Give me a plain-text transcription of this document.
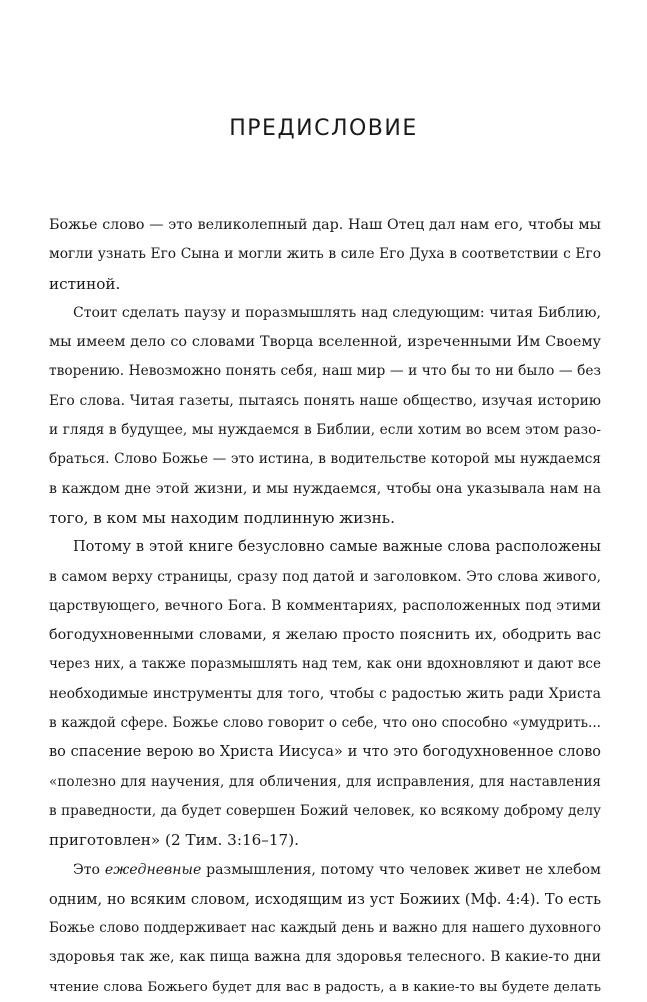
ПРЕДИСЛОВИЕ

Божье слово — это великолепный дар. Наш Отец дал нам его, чтобы мы
могли узнать Его Сына и могли жить в силе Его Духа в соответствии с Его
истиной.

Стоит сделать паузу и поразмышлять над следующим: читая Библию,
мы имеем дело со словами Творца вселенной, изреченными Им Своему
творению. Невозможно понять себя, наш мир — и что бы то ни было — без
Его слова. Читая газеты, пытаясь понять наше общество, изучая историю
и глядя в будущее, мы нуждаемся в Библии, если хотим во всем этом разо-
браться. Слово Божье — это истина, в водительстве которой мы нуждаемся
в каждом дне этой жизни, и мы нуждаемся, чтобы она указывала нам на
того, в ком мы находим подлинную жизнь.

Потому в этой книге безусловно самые важные слова расположены
в самом верху страницы, сразу под датой и заголовком. Это слова живого,
царствующего, вечного Бога. В комментариях, расположенных под этими
богодухновенными словами, я желаю просто пояснить их, ободрить вас
через них, а также поразмышлять над тем, как они вдохновляют и дают все
необходимые инструменты для того, чтобы с радостью жить ради Христа
в каждой сфере. Божье слово говорит о себе, что оно способно «умудрить...
во спасение верою во Христа Иисуса» и что это богодухновенное слово
«полезно для научения, для обличения, для исправления, для наставления
в праведности, да будет совершен Божий человек, ко всякому доброму делу
приготовлен» (2 Тим. 3:16–17).

Это ежедневные размышления, потому что человек живет не хлебом
одним, но всяким словом, исходящим из уст Божиих (Мф. 4:4). То есть
Божье слово поддерживает нас каждый день и важно для нашего духовного
здоровья так же, как пища важна для здоровья телесного. В какие-то дни
чтение слова Божьего будет для вас в радость, а в какие-то вы будете делать
